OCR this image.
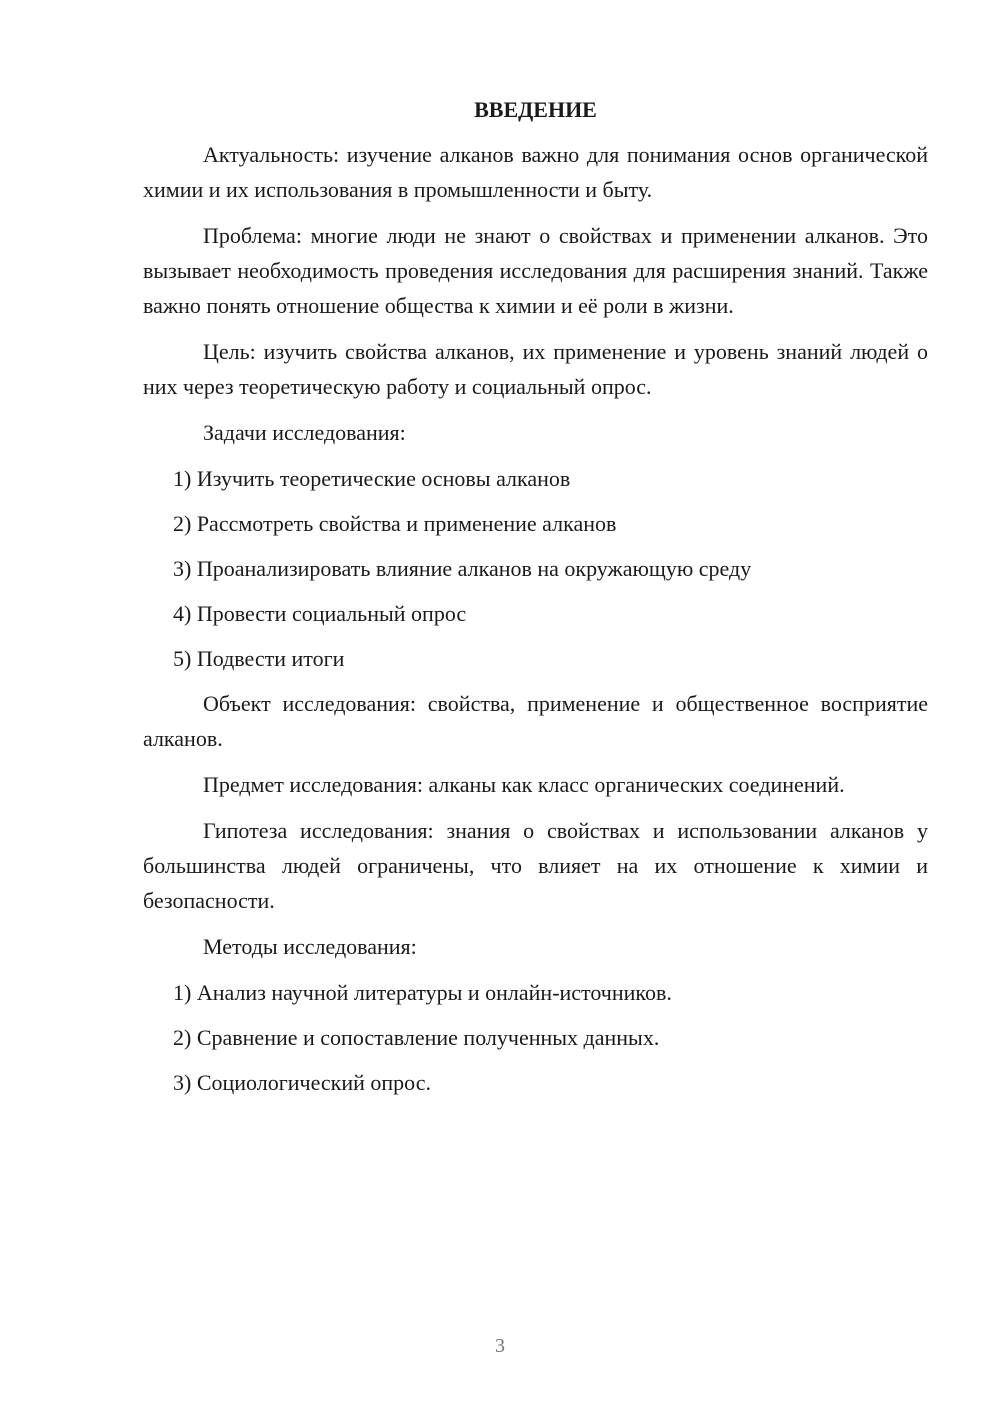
ВВЕДЕНИЕ

Актуальность: изучение алканов важно для понимания основ органической химии и их использования в промышленности и быту.

Проблема: многие люди не знают о свойствах и применении алканов. Это вызывает необходимость проведения исследования для расширения знаний. Также важно понять отношение общества к химии и её роли в жизни.

Цель: изучить свойства алканов, их применение и уровень знаний людей о них через теоретическую работу и социальный опрос.

Задачи исследования:

1) Изучить теоретические основы алканов
2) Рассмотреть свойства и применение алканов
3) Проанализировать влияние алканов на окружающую среду
4) Провести социальный опрос
5) Подвести итоги

Объект исследования: свойства, применение и общественное восприятие алканов.

Предмет исследования: алканы как класс органических соединений.

Гипотеза исследования: знания о свойствах и использовании алканов у большинства людей ограничены, что влияет на их отношение к химии и безопасности.

Методы исследования:

1) Анализ научной литературы и онлайн-источников.
2) Сравнение и сопоставление полученных данных.
3) Социологический опрос.
3
